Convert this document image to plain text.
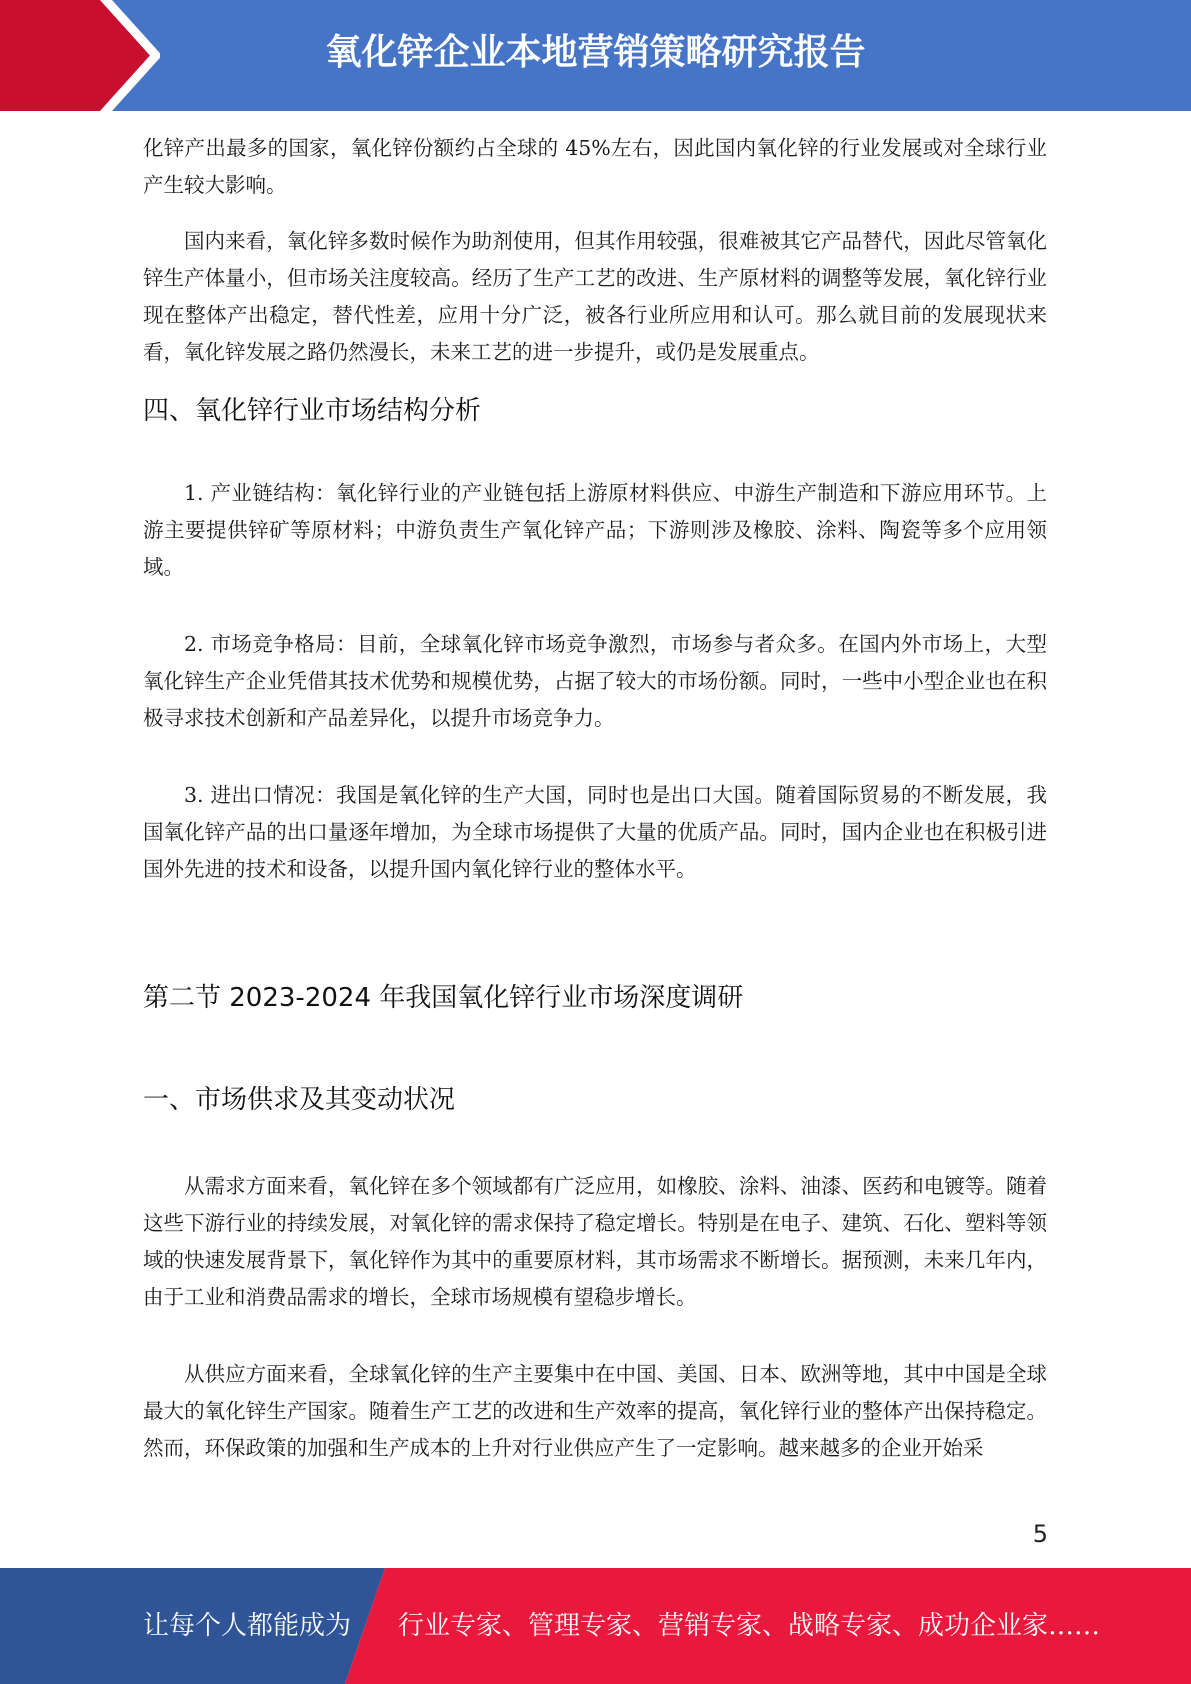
氧化锌企业本地营销策略研究报告

化锌产出最多的国家，氧化锌份额约占全球的 45%左右，因此国内氧化锌的行业发展或对全球行业产生较大影响。

国内来看，氧化锌多数时候作为助剂使用，但其作用较强，很难被其它产品替代，因此尽管氧化锌生产体量小，但市场关注度较高。经历了生产工艺的改进、生产原材料的调整等发展，氧化锌行业现在整体产出稳定，替代性差，应用十分广泛，被各行业所应用和认可。那么就目前的发展现状来看，氧化锌发展之路仍然漫长，未来工艺的进一步提升，或仍是发展重点。

四、氧化锌行业市场结构分析

1. 产业链结构：氧化锌行业的产业链包括上游原材料供应、中游生产制造和下游应用环节。上游主要提供锌矿等原材料；中游负责生产氧化锌产品；下游则涉及橡胶、涂料、陶瓷等多个应用领域。

2. 市场竞争格局：目前，全球氧化锌市场竞争激烈，市场参与者众多。在国内外市场上，大型氧化锌生产企业凭借其技术优势和规模优势，占据了较大的市场份额。同时，一些中小型企业也在积极寻求技术创新和产品差异化，以提升市场竞争力。

3. 进出口情况：我国是氧化锌的生产大国，同时也是出口大国。随着国际贸易的不断发展，我国氧化锌产品的出口量逐年增加，为全球市场提供了大量的优质产品。同时，国内企业也在积极引进国外先进的技术和设备，以提升国内氧化锌行业的整体水平。

第二节 2023-2024 年我国氧化锌行业市场深度调研
一、市场供求及其变动状况

从需求方面来看，氧化锌在多个领域都有广泛应用，如橡胶、涂料、油漆、医药和电镀等。随着这些下游行业的持续发展，对氧化锌的需求保持了稳定增长。特别是在电子、建筑、石化、塑料等领域的快速发展背景下，氧化锌作为其中的重要原材料，其市场需求不断增长。据预测，未来几年内，由于工业和消费品需求的增长，全球市场规模有望稳步增长。

从供应方面来看，全球氧化锌的生产主要集中在中国、美国、日本、欧洲等地，其中中国是全球最大的氧化锌生产国家。随着生产工艺的改进和生产效率的提高，氧化锌行业的整体产出保持稳定。然而，环保政策的加强和生产成本的上升对行业供应产生了一定影响。越来越多的企业开始采

5
让每个人都能成为 行业专家、管理专家、营销专家、战略专家、成功企业家……
